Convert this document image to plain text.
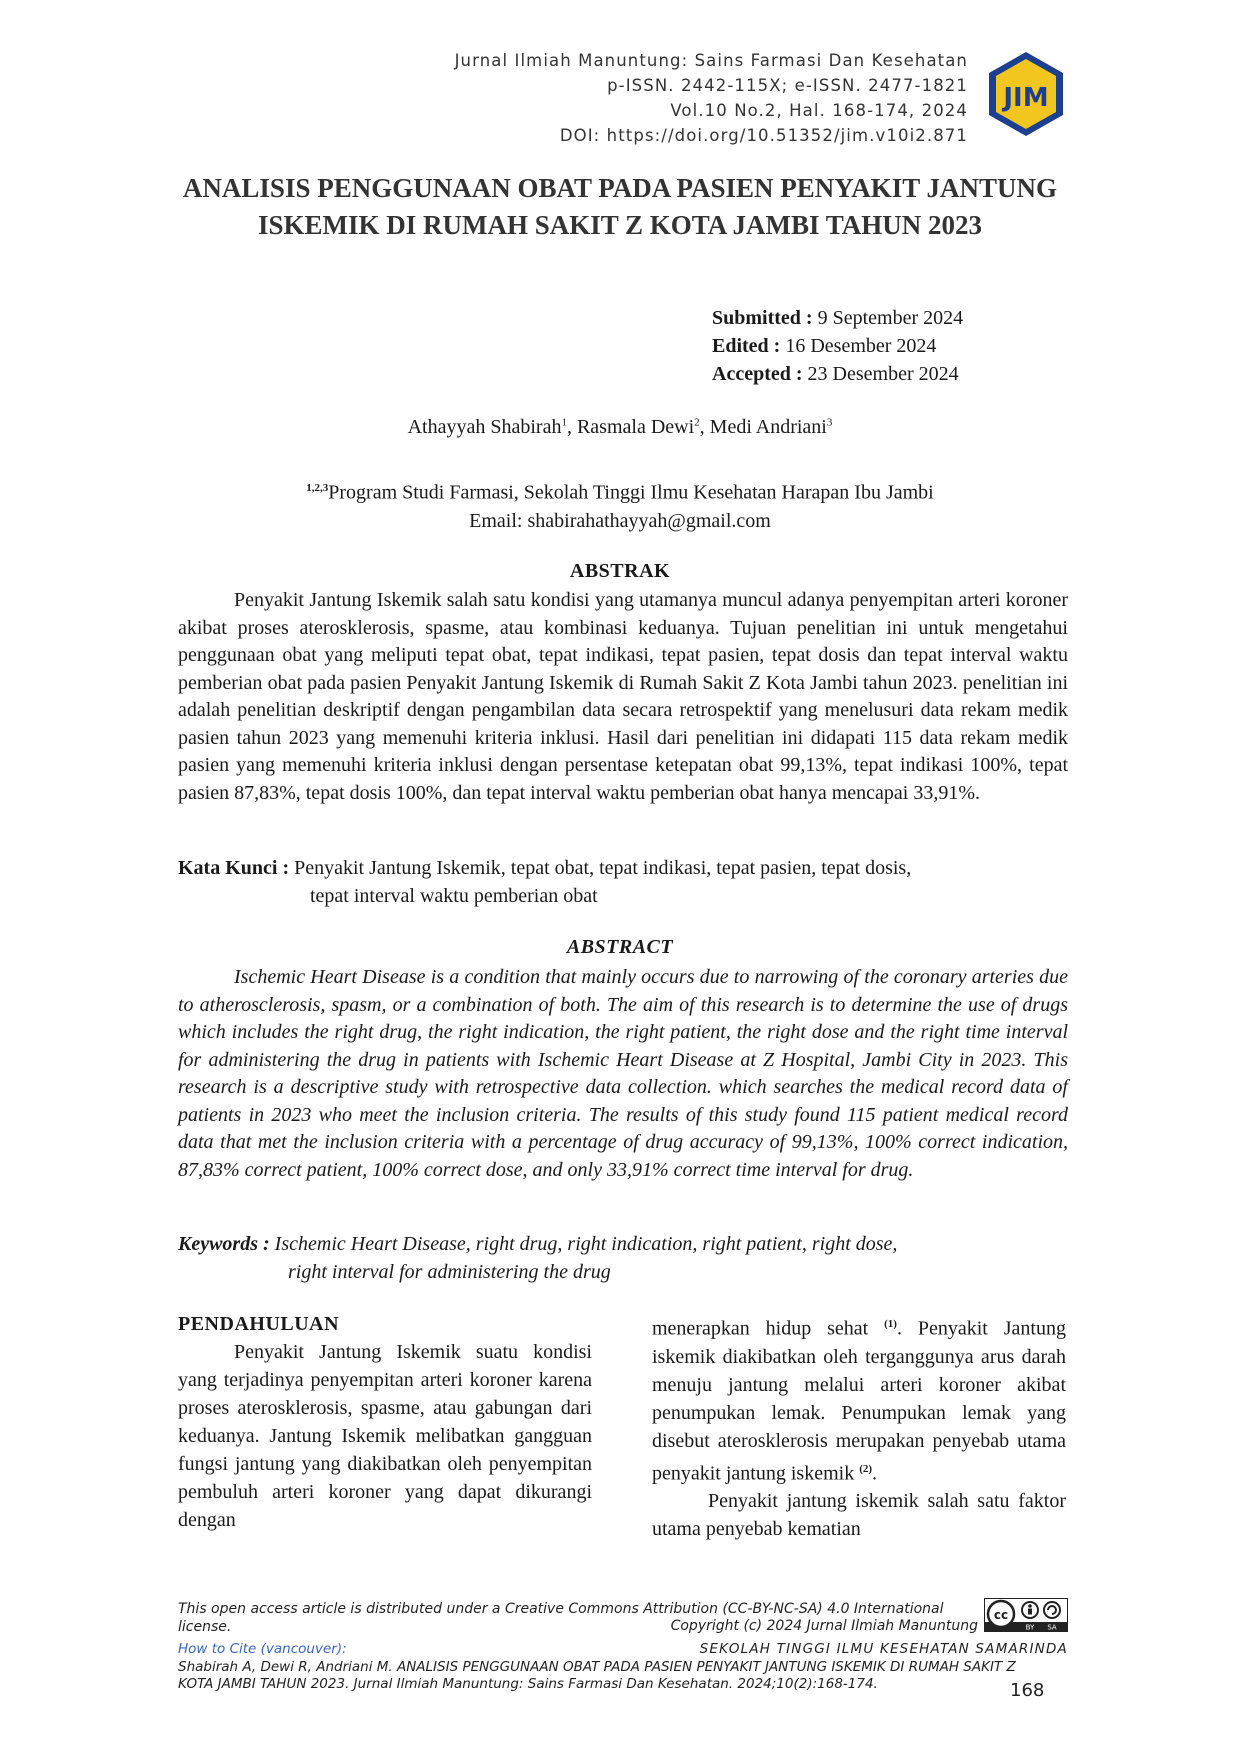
Jurnal Ilmiah Manuntung: Sains Farmasi Dan Kesehatan
p-ISSN. 2442-115X; e-ISSN. 2477-1821
Vol.10 No.2, Hal. 168-174, 2024
DOI: https://doi.org/10.51352/jim.v10i2.871
JIM
ANALISIS PENGGUNAAN OBAT PADA PASIEN PENYAKIT JANTUNG ISKEMIK DI RUMAH SAKIT Z KOTA JAMBI TAHUN 2023
Submitted : 9 September 2024
Edited : 16 Desember 2024
Accepted : 23 Desember 2024
Athayyah Shabirah$^1$, Rasmala Dewi$^2$, Medi Andriani$^3$
$^{1,2,3}$Program Studi Farmasi, Sekolah Tinggi Ilmu Kesehatan Harapan Ibu Jambi
Email: shabirahathayyah@gmail.com
ABSTRAK
Penyakit Jantung Iskemik salah satu kondisi yang utamanya muncul adanya penyempitan arteri koroner akibat proses aterosklerosis, spasme, atau kombinasi keduanya. Tujuan penelitian ini untuk mengetahui penggunaan obat yang meliputi tepat obat, tepat indikasi, tepat pasien, tepat dosis dan tepat interval waktu pemberian obat pada pasien Penyakit Jantung Iskemik di Rumah Sakit Z Kota Jambi tahun 2023. penelitian ini adalah penelitian deskriptif dengan pengambilan data secara retrospektif yang menelusuri data rekam medik pasien tahun 2023 yang memenuhi kriteria inklusi. Hasil dari penelitian ini didapati 115 data rekam medik pasien yang memenuhi kriteria inklusi dengan persentase ketepatan obat 99,13%, tepat indikasi 100%, tepat pasien 87,83%, tepat dosis 100%, dan tepat interval waktu pemberian obat hanya mencapai 33,91%.
Kata Kunci : Penyakit Jantung Iskemik, tepat obat, tepat indikasi, tepat pasien, tepat dosis,
tepat interval waktu pemberian obat
ABSTRACT
Ischemic Heart Disease is a condition that mainly occurs due to narrowing of the coronary arteries due to atherosclerosis, spasm, or a combination of both. The aim of this research is to determine the use of drugs which includes the right drug, the right indication, the right patient, the right dose and the right time interval for administering the drug in patients with Ischemic Heart Disease at Z Hospital, Jambi City in 2023. This research is a descriptive study with retrospective data collection. which searches the medical record data of patients in 2023 who meet the inclusion criteria. The results of this study found 115 patient medical record data that met the inclusion criteria with a percentage of drug accuracy of 99,13%, 100% correct indication, 87,83% correct patient, 100% correct dose, and only 33,91% correct time interval for drug.
Keywords : Ischemic Heart Disease, right drug, right indication, right patient, right dose,
right interval for administering the drug
PENDAHULUAN

Penyakit Jantung Iskemik suatu kondisi yang terjadinya penyempitan arteri koroner karena proses aterosklerosis, spasme, atau gabungan dari keduanya. Jantung Iskemik melibatkan gangguan fungsi jantung yang diakibatkan oleh penyempitan pembuluh arteri koroner yang dapat dikurangi dengan

menerapkan hidup sehat $^{(1)}$. Penyakit Jantung iskemik diakibatkan oleh terganggunya arus darah menuju jantung melalui arteri koroner akibat penumpukan lemak. Penumpukan lemak yang disebut aterosklerosis merupakan penyebab utama penyakit jantung iskemik $^{(2)}$.

Penyakit jantung iskemik salah satu faktor utama penyebab kematian

This open access article is distributed under a Creative Commons Attribution (CC-BY-NC-SA) 4.0 International license.	Copyright (c) 2024 Jurnal Ilmiah Manuntung
cc
BY SA
How to Cite (vancouver):	SEKOLAH TINGGI ILMU KESEHATAN SAMARINDA
Shabirah A, Dewi R, Andriani M. ANALISIS PENGGUNAAN OBAT PADA PASIEN PENYAKIT JANTUNG ISKEMIK DI RUMAH SAKIT Z KOTA JAMBI TAHUN 2023. Jurnal Ilmiah Manuntung: Sains Farmasi Dan Kesehatan. 2024;10(2):168-174.	168
